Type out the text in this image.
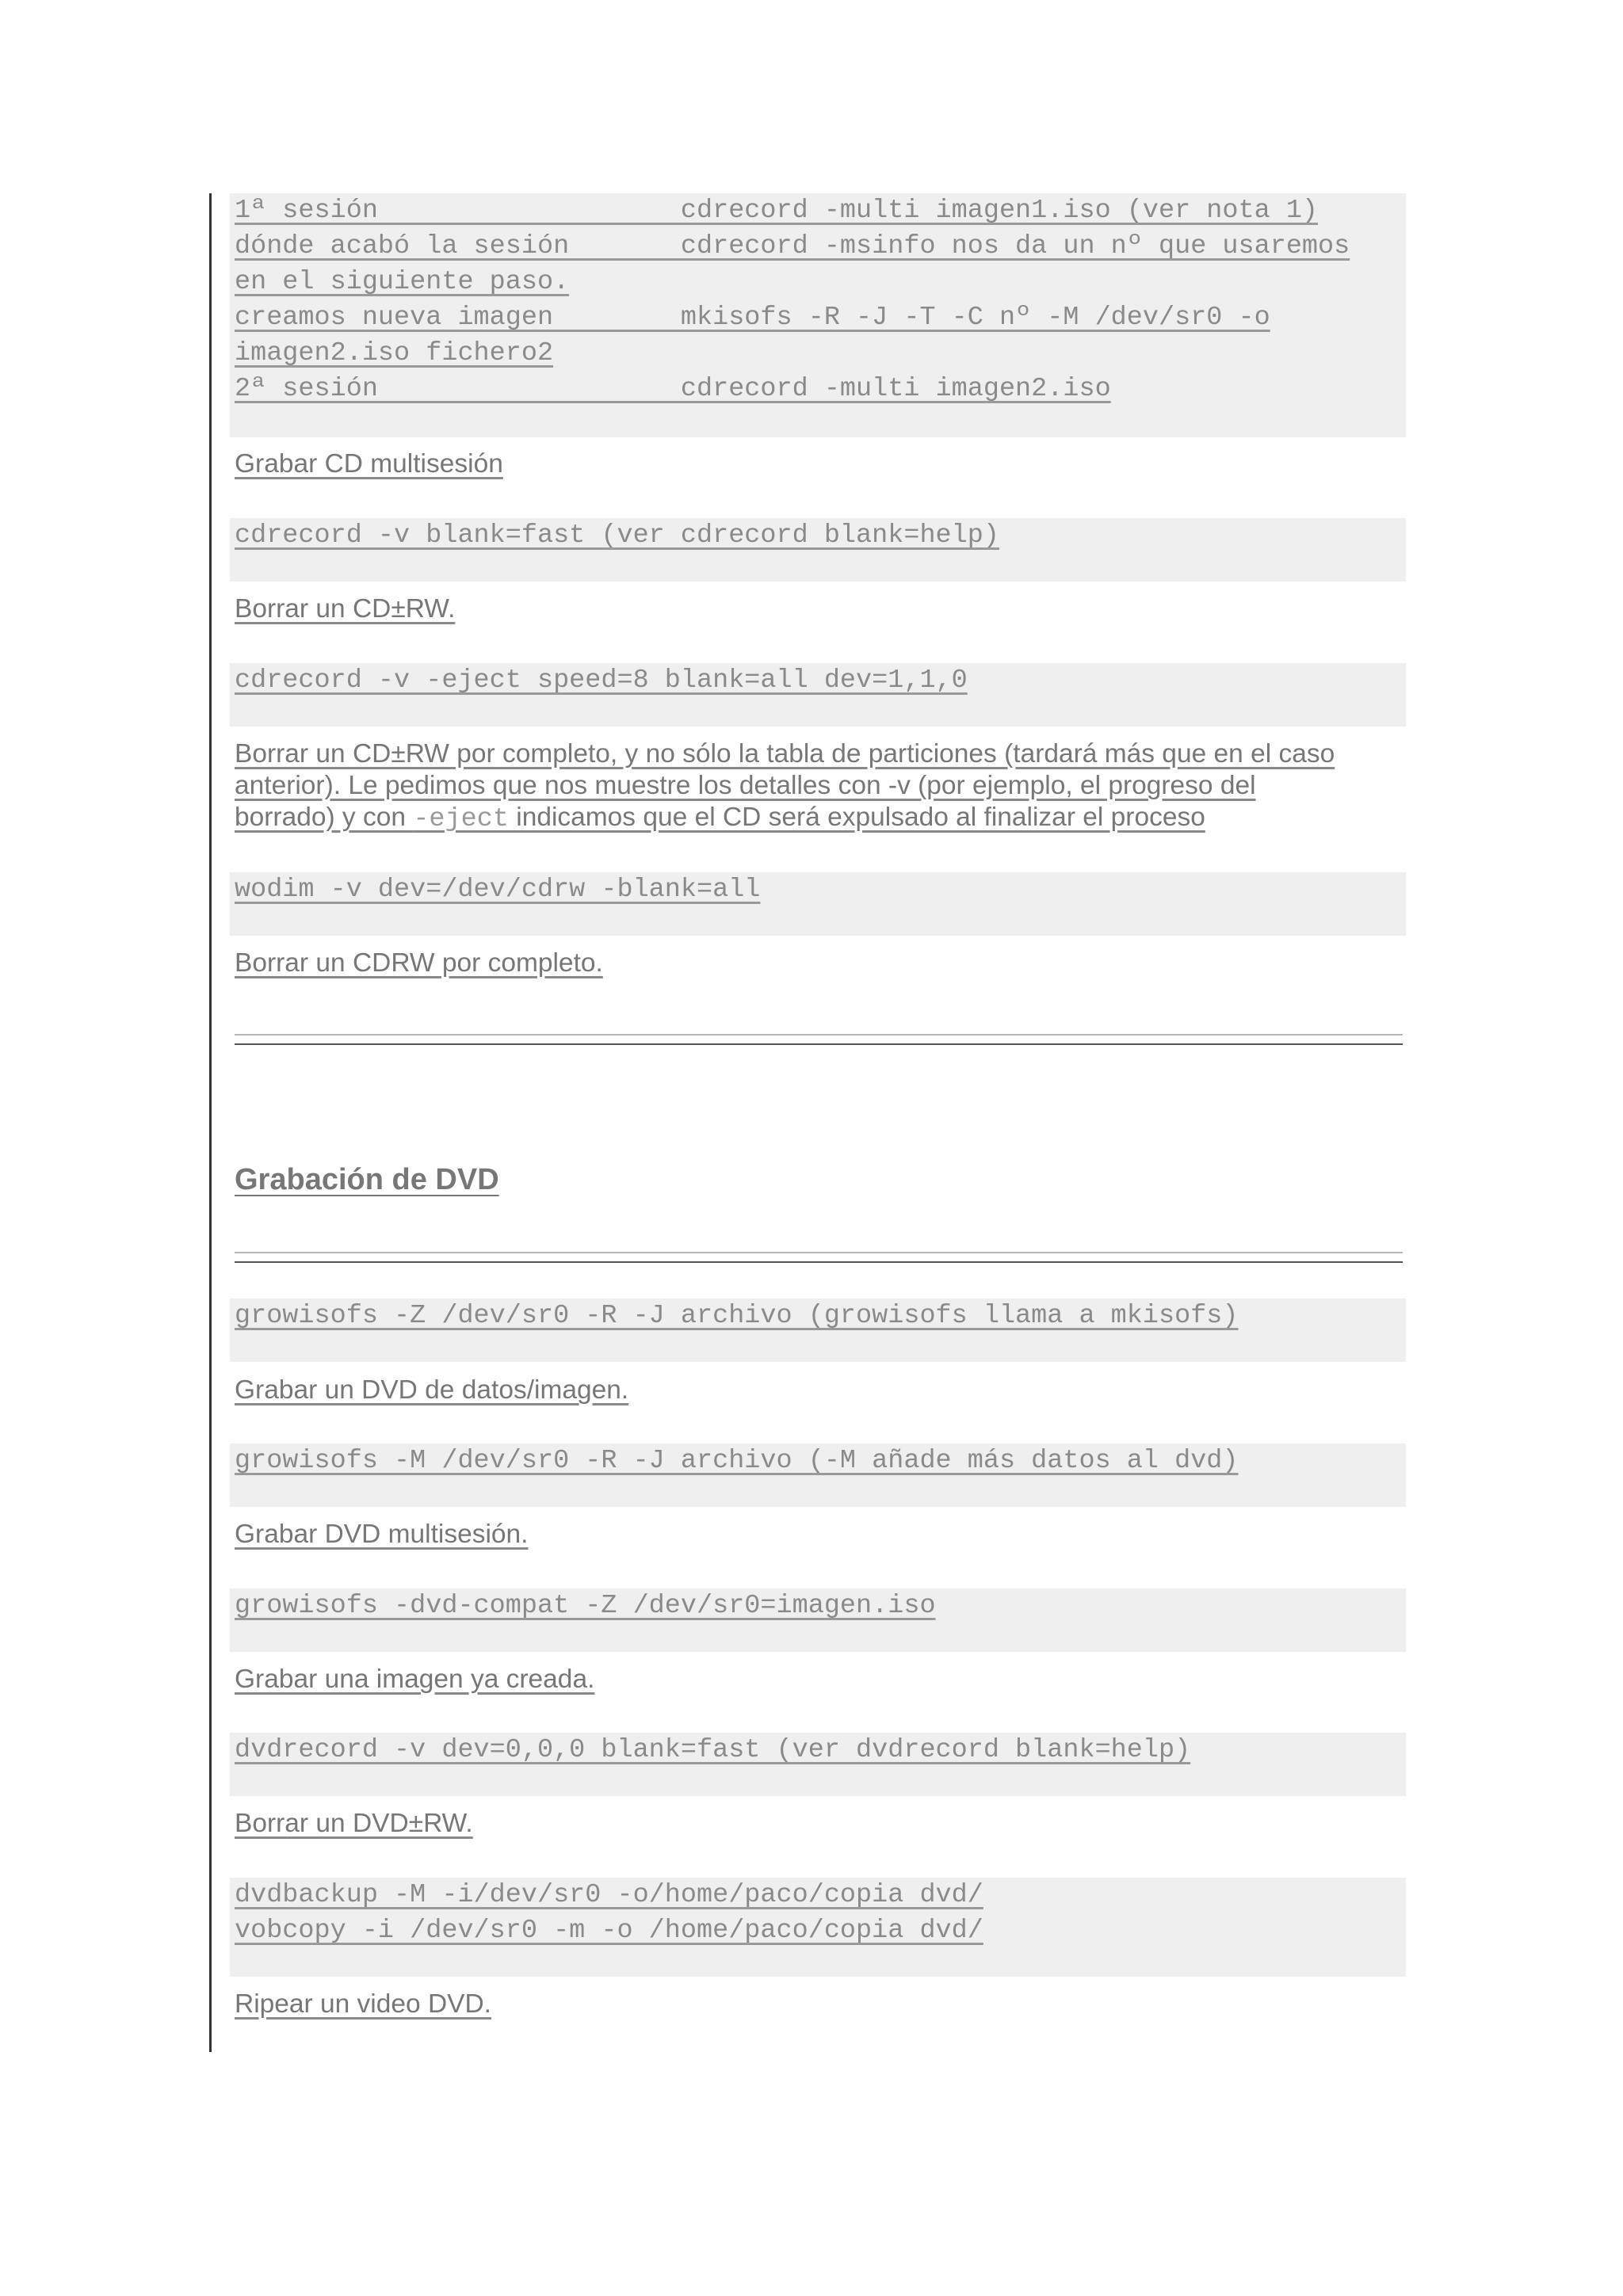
1ª sesión                   cdrecord -multi imagen1.iso (ver nota 1)
dónde acabó la sesión       cdrecord -msinfo nos da un nº que usaremos
en el siguiente paso.
creamos nueva imagen        mkisofs -R -J -T -C nº -M /dev/sr0 -o
imagen2.iso fichero2
2ª sesión                   cdrecord -multi imagen2.iso
Grabar CD multisesión
cdrecord -v blank=fast (ver cdrecord blank=help)
Borrar un CD±RW.
cdrecord -v -eject speed=8 blank=all dev=1,1,0
Borrar un CD±RW por completo, y no sólo la tabla de particiones (tardará más que en el caso
anterior). Le pedimos que nos muestre los detalles con -v (por ejemplo, el progreso del
borrado) y con -eject indicamos que el CD será expulsado al finalizar el proceso
wodim -v dev=/dev/cdrw -blank=all
Borrar un CDRW por completo.
Grabación de DVD
growisofs -Z /dev/sr0 -R -J archivo (growisofs llama a mkisofs)
Grabar un DVD de datos/imagen.
growisofs -M /dev/sr0 -R -J archivo (-M añade más datos al dvd)
Grabar DVD multisesión.
growisofs -dvd-compat -Z /dev/sr0=imagen.iso
Grabar una imagen ya creada.
dvdrecord -v dev=0,0,0 blank=fast (ver dvdrecord blank=help)
Borrar un DVD±RW.
dvdbackup -M -i/dev/sr0 -o/home/paco/copia dvd/
vobcopy -i /dev/sr0 -m -o /home/paco/copia dvd/
Ripear un video DVD.
